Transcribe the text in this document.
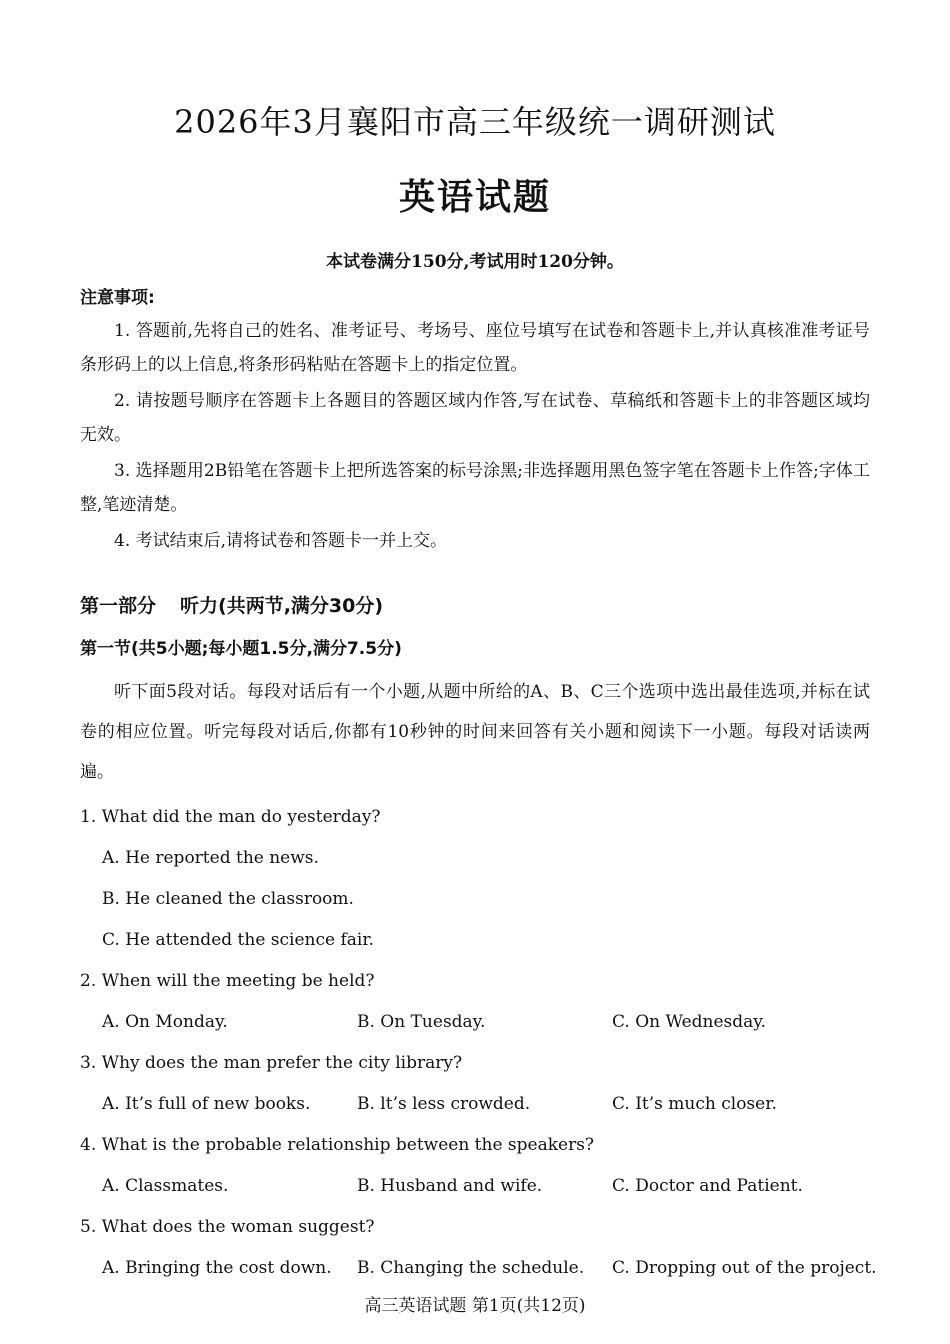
2026年3月襄阳市高三年级统一调研测试
英语试题
本试卷满分150分,考试用时120分钟。
注意事项:

1. 答题前,先将自己的姓名、准考证号、考场号、座位号填写在试卷和答题卡上,并认真核准准考证号条形码上的以上信息,将条形码粘贴在答题卡上的指定位置。

2. 请按题号顺序在答题卡上各题目的答题区域内作答,写在试卷、草稿纸和答题卡上的非答题区域均无效。

3. 选择题用2B铅笔在答题卡上把所选答案的标号涂黑;非选择题用黑色签字笔在答题卡上作答;字体工整,笔迹清楚。

4. 考试结束后,请将试卷和答题卡一并上交。

第一部分 听力(共两节,满分30分)
第一节(共5小题;每小题1.5分,满分7.5分)
听下面5段对话。每段对话后有一个小题,从题中所给的A、B、C三个选项中选出最佳选项,并标在试卷的相应位置。听完每段对话后,你都有10秒钟的时间来回答有关小题和阅读下一小题。每段对话读两遍。
1. What did the man do yesterday?
A. He reported the news.
B. He cleaned the classroom.
C. He attended the science fair.
2. When will the meeting be held?
A. On Monday.	B. On Tuesday.	C. On Wednesday.
3. Why does the man prefer the city library?
A. It’s full of new books.	B. lt’s less crowded.	C. It’s much closer.
4. What is the probable relationship between the speakers?
A. Classmates.	B. Husband and wife.	C. Doctor and Patient.
5. What does the woman suggest?
A. Bringing the cost down. B. Changing the schedule. C. Dropping out of the project.
高三英语试题 第1页(共12页)
